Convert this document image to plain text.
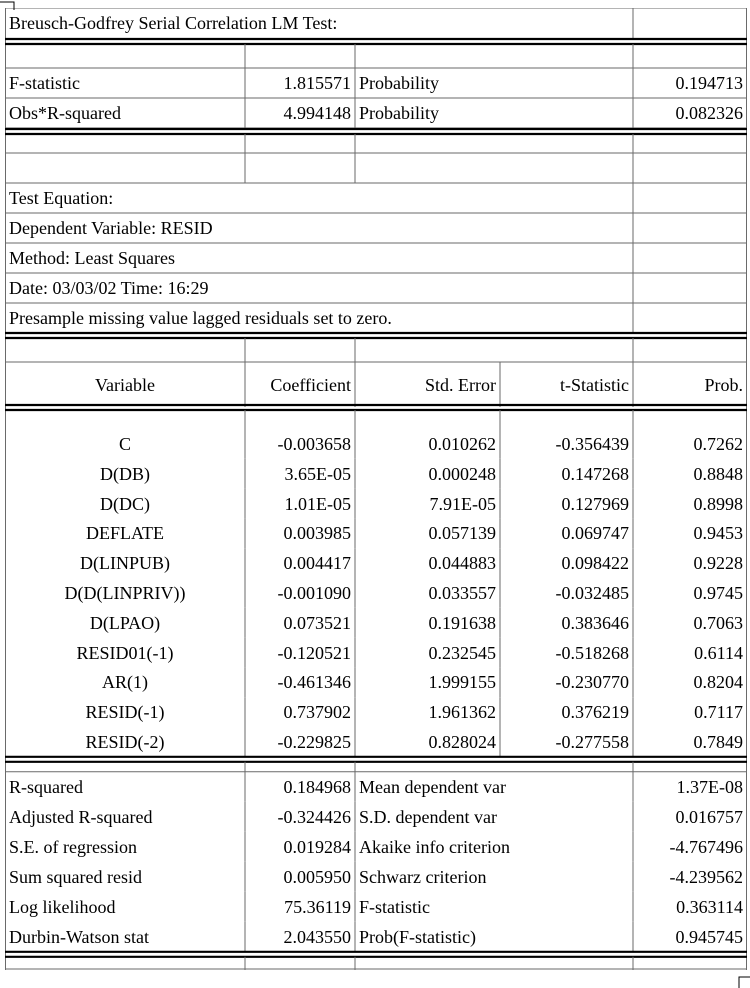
Breusch-Godfrey Serial Correlation LM Test:
F-statistic	1.815571 Probability	0.194713
Obs*R-squared	4.994148 Probability	0.082326
Test Equation:
Dependent Variable: RESID
Method: Least Squares
Date: 03/03/02 Time: 16:29
Presample missing value lagged residuals set to zero.
Variable	Coefficient	Std. Error	t-Statistic	Prob.
C	-0.003658	0.010262	-0.356439	0.7262
D(DB)	3.65E-05	0.000248	0.147268	0.8848
D(DC)	1.01E-05	7.91E-05	0.127969	0.8998
DEFLATE	0.003985	0.057139	0.069747	0.9453
D(LINPUB)	0.004417	0.044883	0.098422	0.9228
D(D(LINPRIV))	-0.001090	0.033557	-0.032485	0.9745
D(LPAO)	0.073521	0.191638	0.383646	0.7063
RESID01(-1)	-0.120521	0.232545	-0.518268	0.6114
AR(1)	-0.461346	1.999155	-0.230770	0.8204
RESID(-1)	0.737902	1.961362	0.376219	0.7117
RESID(-2)	-0.229825	0.828024	-0.277558	0.7849
R-squared	0.184968 Mean dependent var	1.37E-08
Adjusted R-squared	-0.324426 S.D. dependent var	0.016757
S.E. of regression	0.019284 Akaike info criterion	-4.767496
Sum squared resid	0.005950 Schwarz criterion	-4.239562
Log likelihood	75.36119 F-statistic	0.363114
Durbin-Watson stat	2.043550 Prob(F-statistic)	0.945745
